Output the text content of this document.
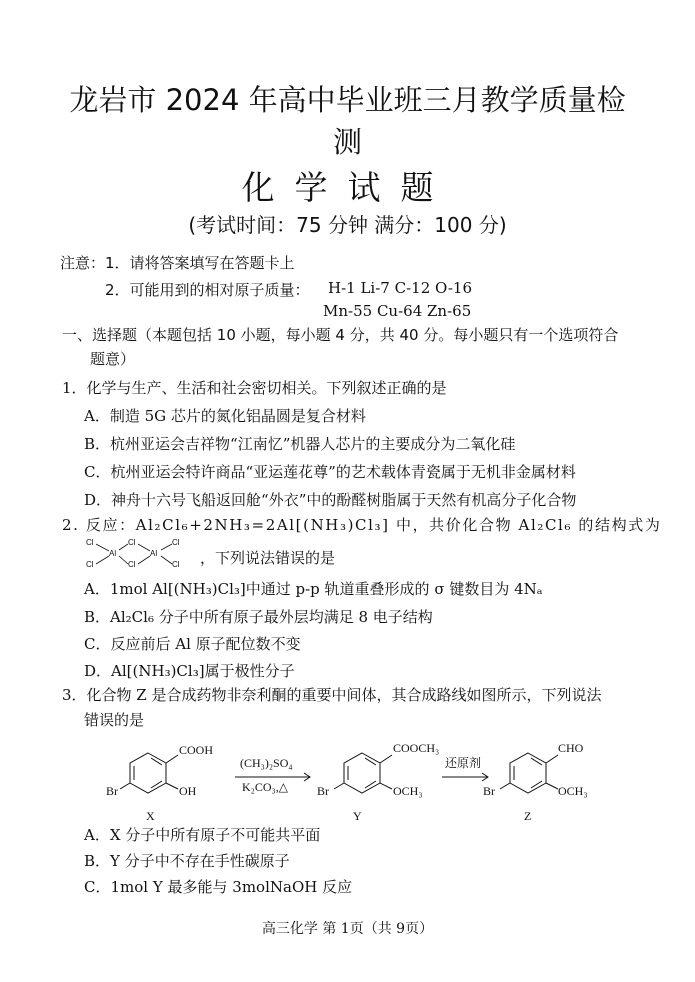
龙岩市 2024 年高中毕业班三月教学质量检
测
化学试题
(考试时间：75 分钟 满分：100 分)
注意： 1．请将答案填写在答题卡上
2．可能用到的相对原子质量： H-1 Li-7 C-12 O-16
Mn-55 Cu-64 Zn-65
一、选择题（本题包括 10 小题，每小题 4 分，共 40 分。每小题只有一个选项符合
题意）
1．化学与生产、生活和社会密切相关。下列叙述正确的是
A．制造 5G 芯片的氮化铝晶圆是复合材料
B．杭州亚运会吉祥物“江南忆”机器人芯片的主要成分为二氧化硅
C．杭州亚运会特许商品“亚运莲花尊”的艺术载体青瓷属于无机非金属材料
D．神舟十六号飞船返回舱“外衣”中的酚醛树脂属于天然有机高分子化合物
2. 反应：Al₂Cl₆+2NH₃=2Al[(NH₃)Cl₃] 中，共价化合物 Al₂Cl₆ 的结构式为
Cl
Cl
Al
Cl
Cl
Al
Cl
Cl ，下列说法错误的是
A．1mol Al[(NH₃)Cl₃]中通过 p-p 轨道重叠形成的 σ 键数目为 4Nₐ
B．Al₂Cl₆ 分子中所有原子最外层均满足 8 电子结构
C．反应前后 Al 原子配位数不变
D．Al[(NH₃)Cl₃]属于极性分子
3．化合物 Z 是合成药物非奈利酮的重要中间体，其合成路线如图所示，下列说法
错误的是
COOH
OH
Br
(CH₃)₂SO₄
K₂CO₃,△
COOCH₃
OCH₃
Br
还原剂
CHO
OCH₃
Br
X	Y	Z
A．X 分子中所有原子不可能共平面
B．Y 分子中不存在手性碳原子
C．1mol Y 最多能与 3molNaOH 反应
高三化学 第 1页（共 9页）
